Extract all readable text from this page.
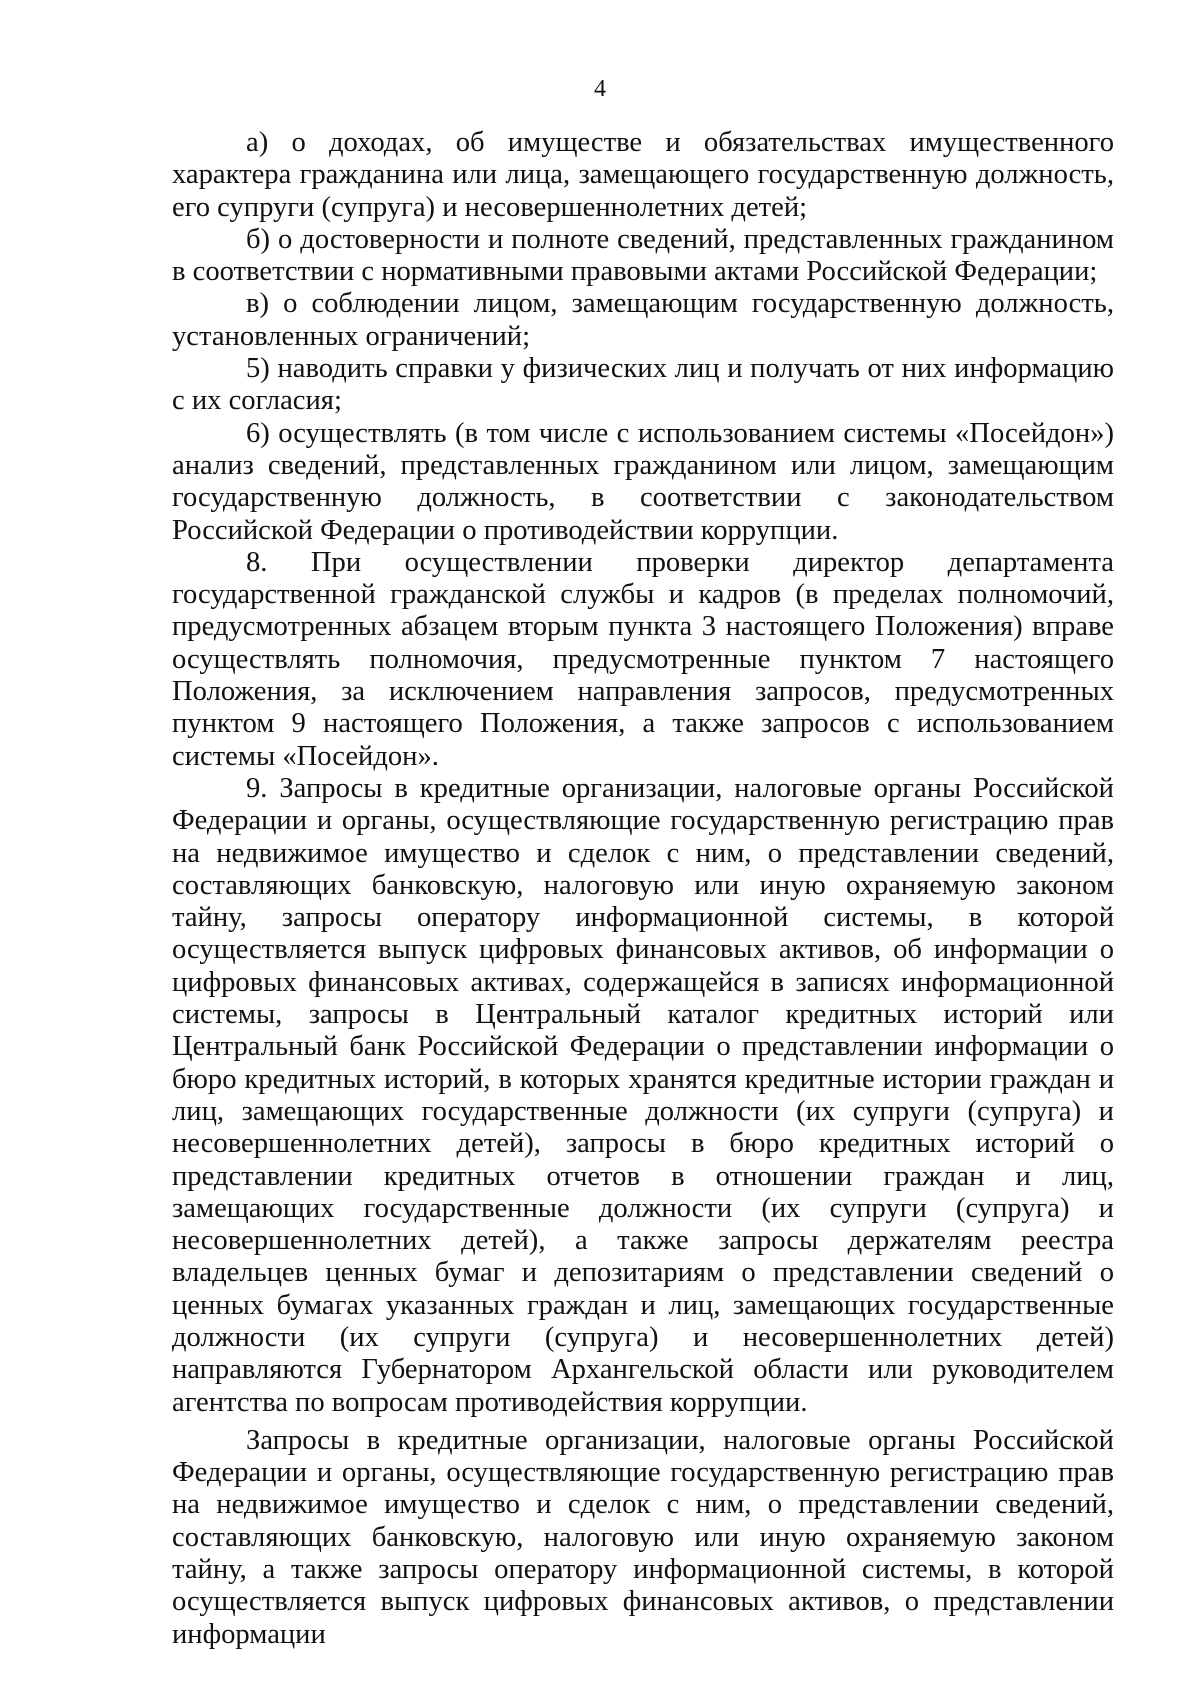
4

а) о доходах, об имуществе и обязательствах имущественного характера гражданина или лица, замещающего государственную должность, его супруги (супруга) и несовершеннолетних детей;

б) о достоверности и полноте сведений, представленных гражданином в соответствии с нормативными правовыми актами Российской Федерации;

в) о соблюдении лицом, замещающим государственную должность, установленных ограничений;

5) наводить справки у физических лиц и получать от них информацию с их согласия;

6) осуществлять (в том числе с использованием системы «Посейдон») анализ сведений, представленных гражданином или лицом, замещающим государственную должность, в соответствии с законодательством Российской Федерации о противодействии коррупции.

8. При осуществлении проверки директор департамента государственной гражданской службы и кадров (в пределах полномочий, предусмотренных абзацем вторым пункта 3 настоящего Положения) вправе осуществлять полномочия, предусмотренные пунктом 7 настоящего Положения, за исключением направления запросов, предусмотренных пунктом 9 настоящего Положения, а также запросов с использованием системы «Посейдон».

9. Запросы в кредитные организации, налоговые органы Российской Федерации и органы, осуществляющие государственную регистрацию прав на недвижимое имущество и сделок с ним, о представлении сведений, составляющих банковскую, налоговую или иную охраняемую законом тайну, запросы оператору информационной системы, в которой осуществляется выпуск цифровых финансовых активов, об информации о цифровых финансовых активах, содержащейся в записях информационной системы, запросы в Центральный каталог кредитных историй или Центральный банк Российской Федерации о представлении информации о бюро кредитных историй, в которых хранятся кредитные истории граждан и лиц, замещающих государственные должности (их супруги (супруга) и несовершеннолетних детей), запросы в бюро кредитных историй о представлении кредитных отчетов в отношении граждан и лиц, замещающих государственные должности (их супруги (супруга) и несовершеннолетних детей), а также запросы держателям реестра владельцев ценных бумаг и депозитариям о представлении сведений о ценных бумагах указанных граждан и лиц, замещающих государственные должности (их супруги (супруга) и несовершеннолетних детей) направляются Губернатором Архангельской области или руководителем агентства по вопросам противодействия коррупции.

Запросы в кредитные организации, налоговые органы Российской Федерации и органы, осуществляющие государственную регистрацию прав на недвижимое имущество и сделок с ним, о представлении сведений, составляющих банковскую, налоговую или иную охраняемую законом тайну, а также запросы оператору информационной системы, в которой осуществляется выпуск цифровых финансовых активов, о представлении информации
